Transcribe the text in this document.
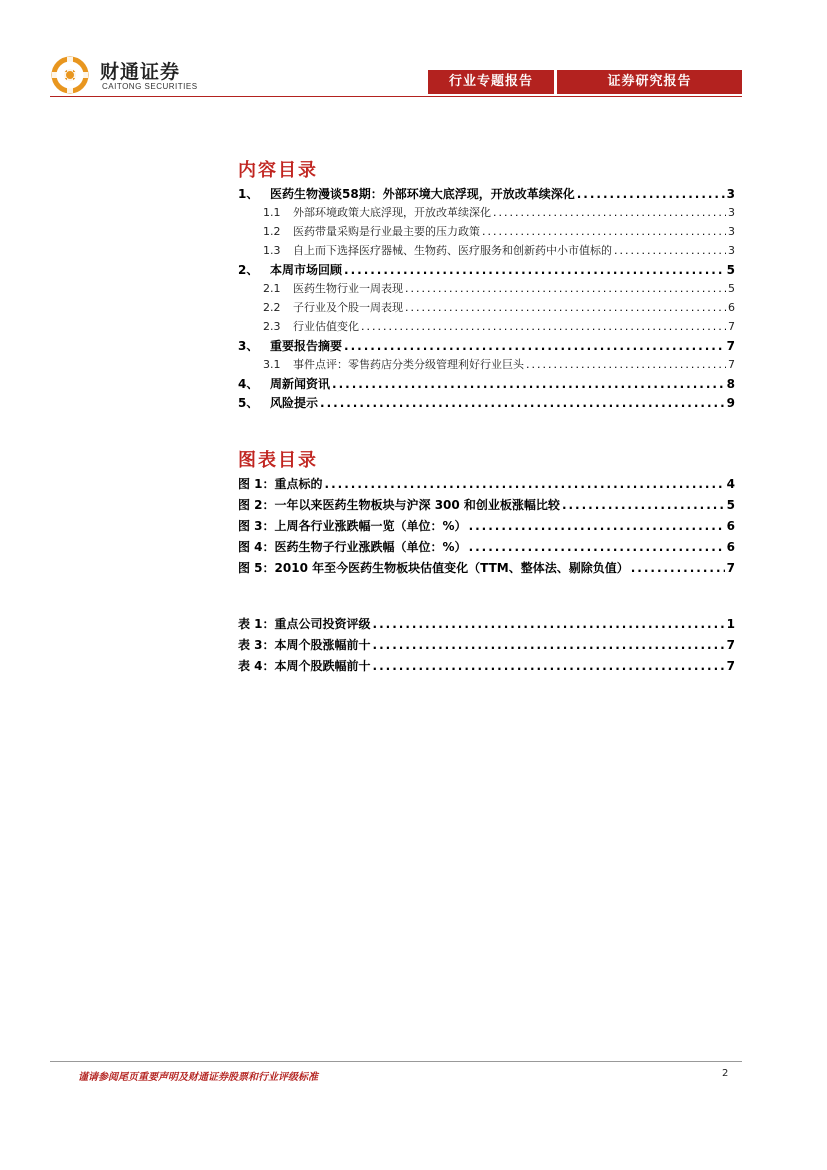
财通证券
CAITONG SECURITIES	行业专题报告	证券研究报告
内容目录
1、 医药生物漫谈58期：外部环境大底浮现，开放改革续深化 .....	3
1.1 外部环境政策大底浮现，开放改革续深化 .....	3
1.2 医药带量采购是行业最主要的压力政策 .....	3
1.3 自上而下选择医疗器械、生物药、医疗服务和创新药中小市值标的 .....	3
2、 本周市场回顾 .....	5
2.1 医药生物行业一周表现 .....	5
2.2 子行业及个股一周表现 .....	6
2.3 行业估值变化 .....	7
3、 重要报告摘要 .....	7
3.1 事件点评：零售药店分类分级管理利好行业巨头 .....	7
4、 周新闻资讯 .....	8
5、 风险提示 .....	9
图表目录
图 1：重点标的 .....	4
图 2：一年以来医药生物板块与沪深 300 和创业板涨幅比较 .....	5
图 3：上周各行业涨跌幅一览（单位：%） .....	6
图 4：医药生物子行业涨跌幅（单位：%） .....	6
图 5：2010 年至今医药生物板块估值变化（TTM、整体法、剔除负值） .....	7
表 1：重点公司投资评级 .....	1
表 3：本周个股涨幅前十 .....	7
表 4：本周个股跌幅前十 .....	7
谨请参阅尾页重要声明及财通证券股票和行业评级标准	2
